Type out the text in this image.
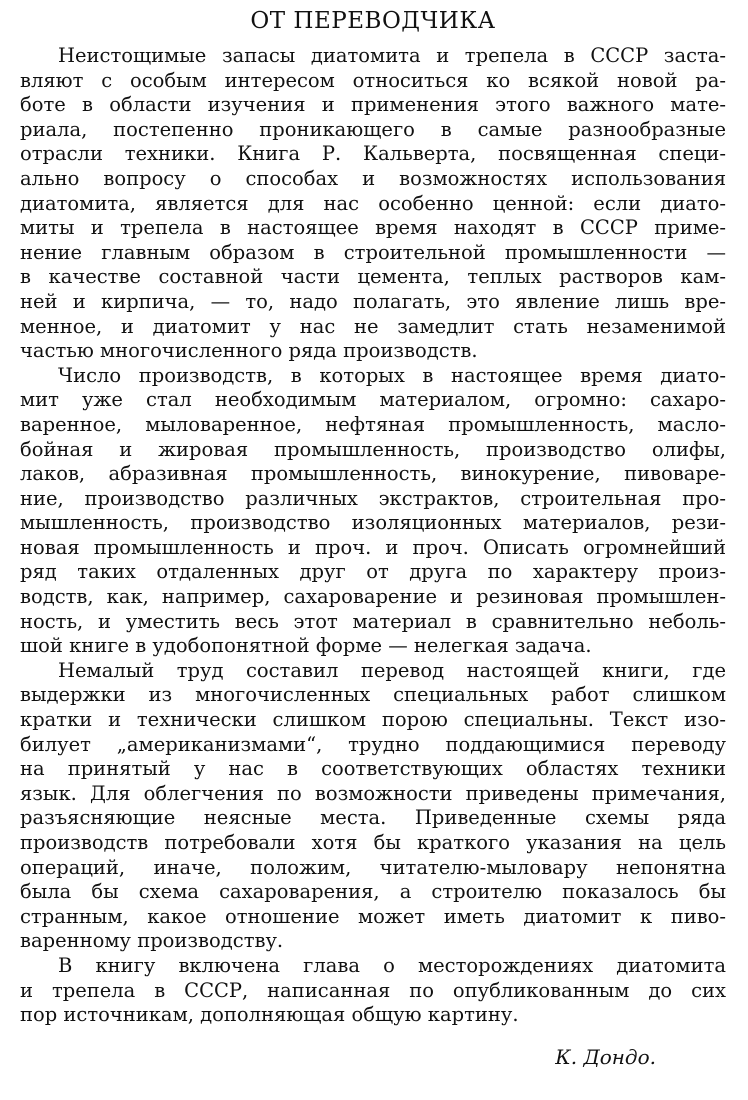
ОТ ПЕРЕВОДЧИКА
Неистощимые запасы диатомита и трепела в СССР заста-
вляют с особым интересом относиться ко всякой новой ра-
боте в области изучения и применения этого важного мате-
риала, постепенно проникающего в самые разнообразные
отрасли техники. Книга Р. Кальверта, посвященная специ-
ально вопросу о способах и возможностях использования
диатомита, является для нас особенно ценной: если диато-
миты и трепела в настоящее время находят в СССР приме-
нение главным образом в строительной промышленности —
в качестве составной части цемента, теплых растворов кам-
ней и кирпича, — то, надо полагать, это явление лишь вре-
менное, и диатомит у нас не замедлит стать незаменимой
частью многочисленного ряда производств.
Число производств, в которых в настоящее время диато-
мит уже стал необходимым материалом, огромно: сахаро-
варенное, мыловаренное, нефтяная промышленность, масло-
бойная и жировая промышленность, производство олифы,
лаков, абразивная промышленность, винокурение, пивоваре-
ние, производство различных экстрактов, строительная про-
мышленность, производство изоляционных материалов, рези-
новая промышленность и проч. и проч. Описать огромнейший
ряд таких отдаленных друг от друга по характеру произ-
водств, как, например, сахароварение и резиновая промышлен-
ность, и уместить весь этот материал в сравнительно неболь-
шой книге в удобопонятной форме — нелегкая задача.
Немалый труд составил перевод настоящей книги, где
выдержки из многочисленных специальных работ слишком
кратки и технически слишком порою специальны. Текст изо-
билует „американизмами“, трудно поддающимися переводу
на принятый у нас в соответствующих областях техники
язык. Для облегчения по возможности приведены примечания,
разъясняющие неясные места. Приведенные схемы ряда
производств потребовали хотя бы краткого указания на цель
операций, иначе, положим, читателю-мыловару непонятна
была бы схема сахароварения, а строителю показалось бы
странным, какое отношение может иметь диатомит к пиво-
варенному производству.
В книгу включена глава о месторождениях диатомита
и трепела в СССР, написанная по опубликованным до сих
пор источникам, дополняющая общую картину.
К. Дондо.
